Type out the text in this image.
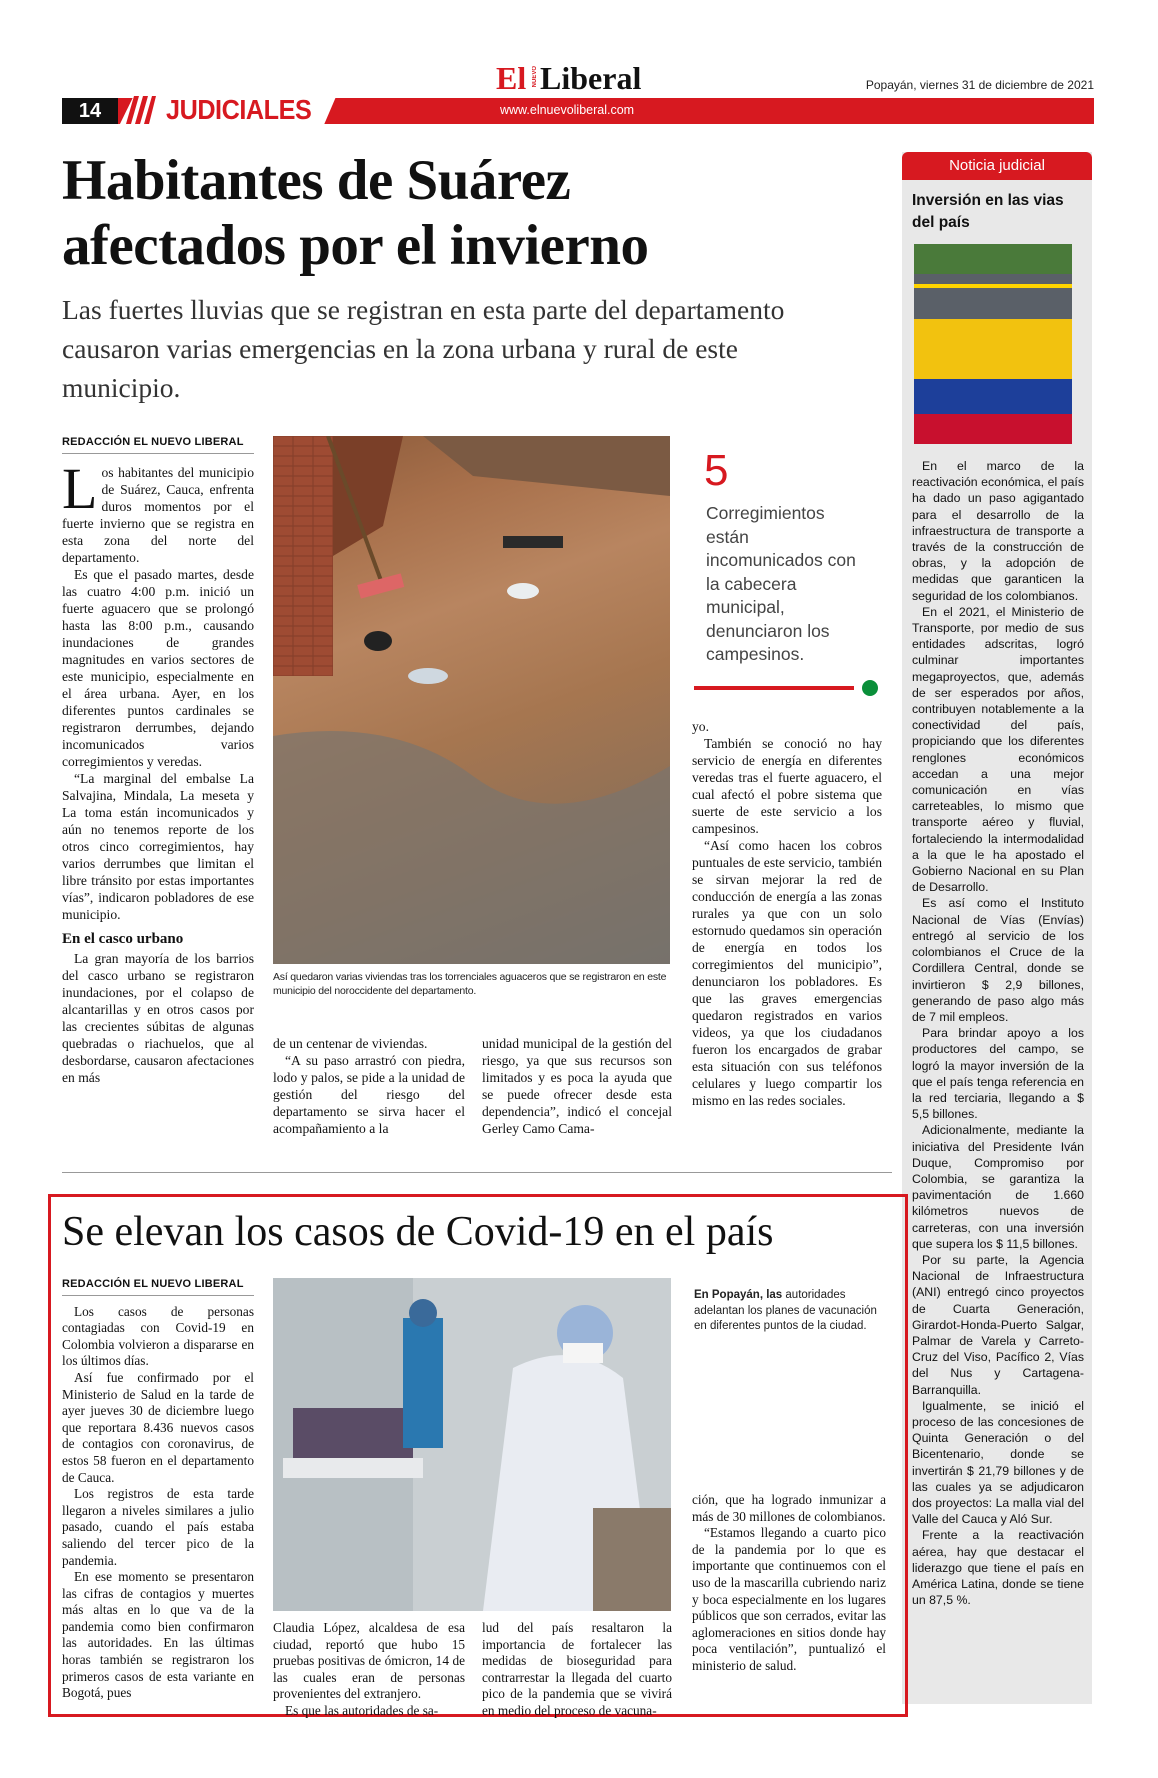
El NUEVO Liberal	Popayán, viernes 31 de diciembre de 2021
14	JUDICIALES	www.elnuevoliberal.com
Habitantes de Suárez
afectados por el invierno
Las fuertes lluvias que se registran en esta parte del departamento causaron varias emergencias en la zona urbana y rural de este municipio.
REDACCIÓN EL NUEVO LIBERAL

Los habitantes del municipio de Suárez, Cauca, enfrenta duros momentos por el fuerte invierno que se registra en esta zona del norte del departamento.

Es que el pasado martes, desde las cuatro 4:00 p.m. inició un fuerte aguacero que se prolongó hasta las 8:00 p.m., causando inundaciones de grandes magnitudes en varios sectores de este municipio, especialmente en el área urbana. Ayer, en los diferentes puntos cardinales se registraron derrumbes, dejando incomunicados varios corregimientos y veredas.

“La marginal del embalse La Salvajina, Mindala, La meseta y La toma están incomunicados y aún no tenemos reporte de los otros cinco corregimientos, hay varios derrumbes que limitan el libre tránsito por estas importantes vías”, indicaron pobladores de ese municipio.

En el casco urbano

La gran mayoría de los barrios del casco urbano se registraron inundaciones, por el colapso de alcantarillas y en otros casos por las crecientes súbitas de algunas quebradas o riachuelos, que al desbordarse, causaron afectaciones en más

Así quedaron varias viviendas tras los torrenciales aguaceros que se registraron en este municipio del noroccidente del departamento.

de un centenar de viviendas.

“A su paso arrastró con piedra, lodo y palos, se pide a la unidad de gestión del riesgo del departamento se sirva hacer el acompañamiento a la

unidad municipal de la gestión del riesgo, ya que sus recursos son limitados y es poca la ayuda que se puede ofrecer desde esta dependencia”, indicó el concejal Gerley Camo Cama-

5
Corregimientos están incomunicados con la cabecera municipal, denunciaron los campesinos.

yo.

También se conoció no hay servicio de energía en diferentes veredas tras el fuerte aguacero, el cual afectó el pobre sistema que suerte de este servicio a los campesinos.

“Así como hacen los cobros puntuales de este servicio, también se sirvan mejorar la red de conducción de energía a las zonas rurales ya que con un solo estornudo quedamos sin operación de energía en todos los corregimientos del municipio”, denunciaron los pobladores. Es que las graves emergencias quedaron registrados en varios videos, ya que los ciudadanos fueron los encargados de grabar esta situación con sus teléfonos celulares y luego compartir los mismo en las redes sociales.

Noticia judicial
Inversión en las vias del país

En el marco de la reactivación económica, el país ha dado un paso agigantado para el desarrollo de la infraestructura de transporte a través de la construcción de obras, y la adopción de medidas que garanticen la seguridad de los colombianos.

En el 2021, el Ministerio de Transporte, por medio de sus entidades adscritas, logró culminar importantes megaproyectos, que, además de ser esperados por años, contribuyen notablemente a la conectividad del país, propiciando que los diferentes renglones económicos accedan a una mejor comunicación en vías carreteables, lo mismo que transporte aéreo y fluvial, fortaleciendo la intermodalidad a la que le ha apostado el Gobierno Nacional en su Plan de Desarrollo.

Es así como el Instituto Nacional de Vías (Envías) entregó al servicio de los colombianos el Cruce de la Cordillera Central, donde se invirtieron $ 2,9 billones, generando de paso algo más de 7 mil empleos.

Para brindar apoyo a los productores del campo, se logró la mayor inversión de la que el país tenga referencia en la red terciaria, llegando a $ 5,5 billones.

Adicionalmente, mediante la iniciativa del Presidente Iván Duque, Compromiso por Colombia, se garantiza la pavimentación de 1.660 kilómetros nuevos de carreteras, con una inversión que supera los $ 11,5 billones.

Por su parte, la Agencia Nacional de Infraestructura (ANI) entregó cinco proyectos de Cuarta Generación, Girardot-Honda-Puerto Salgar, Palmar de Varela y Carreto-Cruz del Viso, Pacífico 2, Vías del Nus y Cartagena-Barranquilla.

Igualmente, se inició el proceso de las concesiones de Quinta Generación o del Bicentenario, donde se invertirán $ 21,79 billones y de las cuales ya se adjudicaron dos proyectos: La malla vial del Valle del Cauca y Aló Sur.

Frente a la reactivación aérea, hay que destacar el liderazgo que tiene el país en América Latina, donde se tiene un 87,5 %.

Se elevan los casos de Covid-19 en el país
REDACCIÓN EL NUEVO LIBERAL

Los casos de personas contagiadas con Covid-19 en Colombia volvieron a dispararse en los últimos días.

Así fue confirmado por el Ministerio de Salud en la tarde de ayer jueves 30 de diciembre luego que reportara 8.436 nuevos casos de contagios con coronavirus, de estos 58 fueron en el departamento de Cauca.

Los registros de esta tarde llegaron a niveles similares a julio pasado, cuando el país estaba saliendo del tercer pico de la pandemia.

En ese momento se presentaron las cifras de contagios y muertes más altas en lo que va de la pandemia como bien confirmaron las autoridades. En las últimas horas también se registraron los primeros casos de esta variante en Bogotá, pues

En Popayán, las autoridades adelantan los planes de vacunación en diferentes puntos de la ciudad.

Claudia López, alcaldesa de esa ciudad, reportó que hubo 15 pruebas positivas de ómicron, 14 de las cuales eran de personas provenientes del extranjero.

Es que las autoridades de sa-

lud del país resaltaron la importancia de fortalecer las medidas de bioseguridad para contrarrestar la llegada del cuarto pico de la pandemia que se vivirá en medio del proceso de vacuna-

ción, que ha logrado inmunizar a más de 30 millones de colombianos.

“Estamos llegando a cuarto pico de la pandemia por lo que es importante que continuemos con el uso de la mascarilla cubriendo nariz y boca especialmente en los lugares públicos que son cerrados, evitar las aglomeraciones en sitios donde hay poca ventilación”, puntualizó el ministerio de salud.
